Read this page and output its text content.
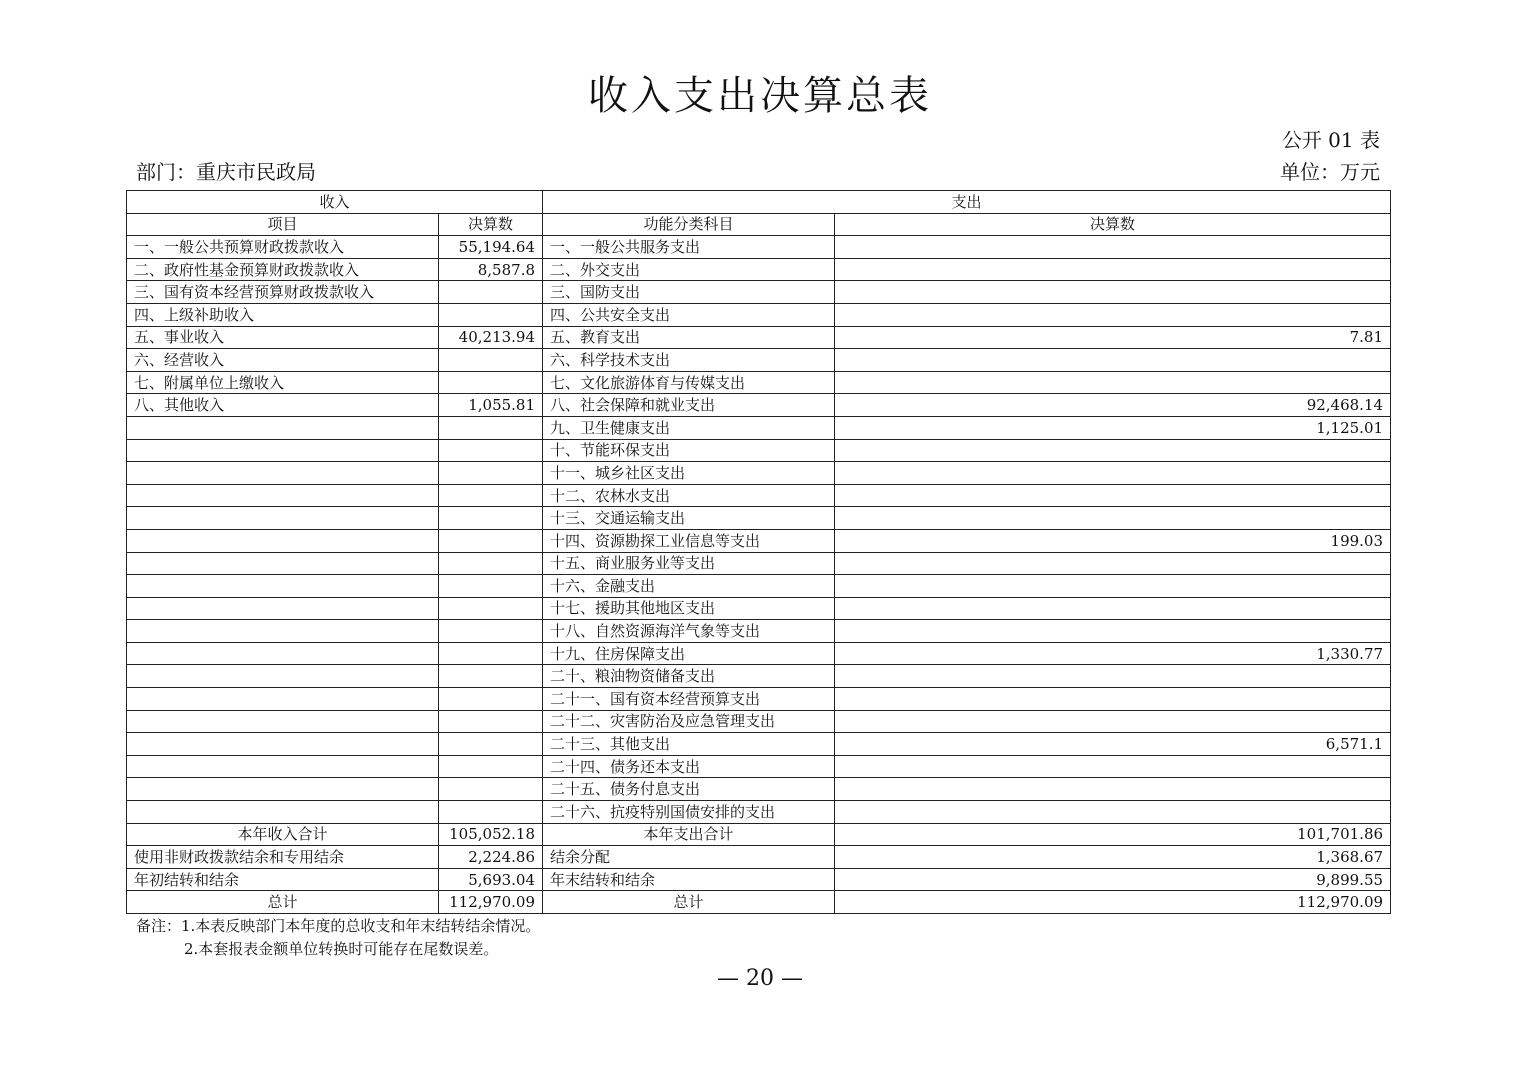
收入支出决算总表
公开 01 表
部门：重庆市民政局	单位：万元
收入		支出	
项目	决算数	功能分类科目	决算数
一、一般公共预算财政拨款收入	55,194.64	一、一般公共服务支出	
二、政府性基金预算财政拨款收入	8,587.8	二、外交支出	
三、国有资本经营预算财政拨款收入		三、国防支出	
四、上级补助收入		四、公共安全支出	
五、事业收入	40,213.94	五、教育支出	7.81
六、经营收入		六、科学技术支出	
七、附属单位上缴收入		七、文化旅游体育与传媒支出	
八、其他收入	1,055.81	八、社会保障和就业支出	92,468.14
		九、卫生健康支出	1,125.01
		十、节能环保支出	
		十一、城乡社区支出	
		十二、农林水支出	
		十三、交通运输支出	
		十四、资源勘探工业信息等支出	199.03
		十五、商业服务业等支出	
		十六、金融支出	
		十七、援助其他地区支出	
		十八、自然资源海洋气象等支出	
		十九、住房保障支出	1,330.77
		二十、粮油物资储备支出	
		二十一、国有资本经营预算支出	
		二十二、灾害防治及应急管理支出	
		二十三、其他支出	6,571.1
		二十四、债务还本支出	
		二十五、债务付息支出	
		二十六、抗疫特别国债安排的支出	
本年收入合计	105,052.18	本年支出合计	101,701.86
使用非财政拨款结余和专用结余	2,224.86	结余分配	1,368.67
年初结转和结余	5,693.04	年末结转和结余	9,899.55
总计	112,970.09	总计	112,970.09
备注：1.本表反映部门本年度的总收支和年末结转结余情况。
2.本套报表金额单位转换时可能存在尾数误差。
— 20 —
